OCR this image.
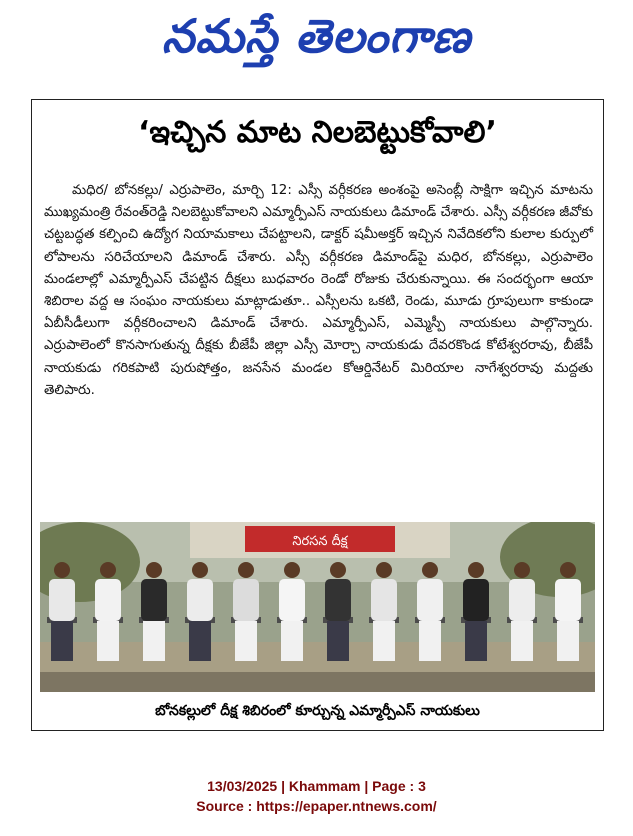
నమస్తే తెలంగాణ
‘ఇచ్చిన మాట నిలబెట్టుకోవాలి’

మధిర/ బోనకల్లు/ ఎర్రుపాలెం, మార్చి 12: ఎస్సీ వర్గీకరణ అంశంపై అసెంబ్లీ సాక్షిగా ఇచ్చిన మాటను ముఖ్యమంత్రి రేవంత్‌రెడ్డి నిలబెట్టుకోవాలని ఎమ్మార్పీఎస్ నాయకులు డిమాండ్ చేశారు. ఎస్సీ వర్గీకరణ జీవోకు చట్టబద్ధత కల్పించి ఉద్యోగ నియామకాలు చేపట్టాలని, డాక్టర్ షమీఅక్తర్ ఇచ్చిన నివేదికలోని కులాల కుర్పులో లోపాలను సరిచేయాలని డిమాండ్ చేశారు. ఎస్సీ వర్గీకరణ డిమాండ్‌పై మధిర, బోనకల్లు, ఎర్రుపాలెం మండలాల్లో ఎమ్మార్పీఎస్ చేపట్టిన దీక్షలు బుధవారం రెండో రోజుకు చేరుకున్నాయి. ఈ సందర్భంగా ఆయా శిబిరాల వద్ద ఆ సంఘం నాయకులు మాట్లాడుతూ.. ఎస్సీలను ఒకటి, రెండు, మూడు గ్రూపులుగా కాకుండా ఏబీసీడీలుగా వర్గీకరించాలని డిమాండ్ చేశారు. ఎమ్మార్పీఎస్, ఎమ్మెస్పీ నాయకులు పాల్గొన్నారు. ఎర్రుపాలెంలో కొనసాగుతున్న దీక్షకు బీజేపీ జిల్లా ఎస్సీ మోర్చా నాయకుడు దేవరకొండ కోటేశ్వరరావు, బీజేపీ నాయకుడు గరికపాటి పురుషోత్తం, జనసేన మండల కోఆర్డినేటర్ మిరియాల నాగేశ్వరరావు మద్దతు తెలిపారు.

నిరసన దీక్ష
బోనకల్లులో దీక్ష శిబిరంలో కూర్చున్న ఎమ్మార్పీఎస్ నాయకులు
13/03/2025 | Khammam | Page : 3
Source : https://epaper.ntnews.com/
